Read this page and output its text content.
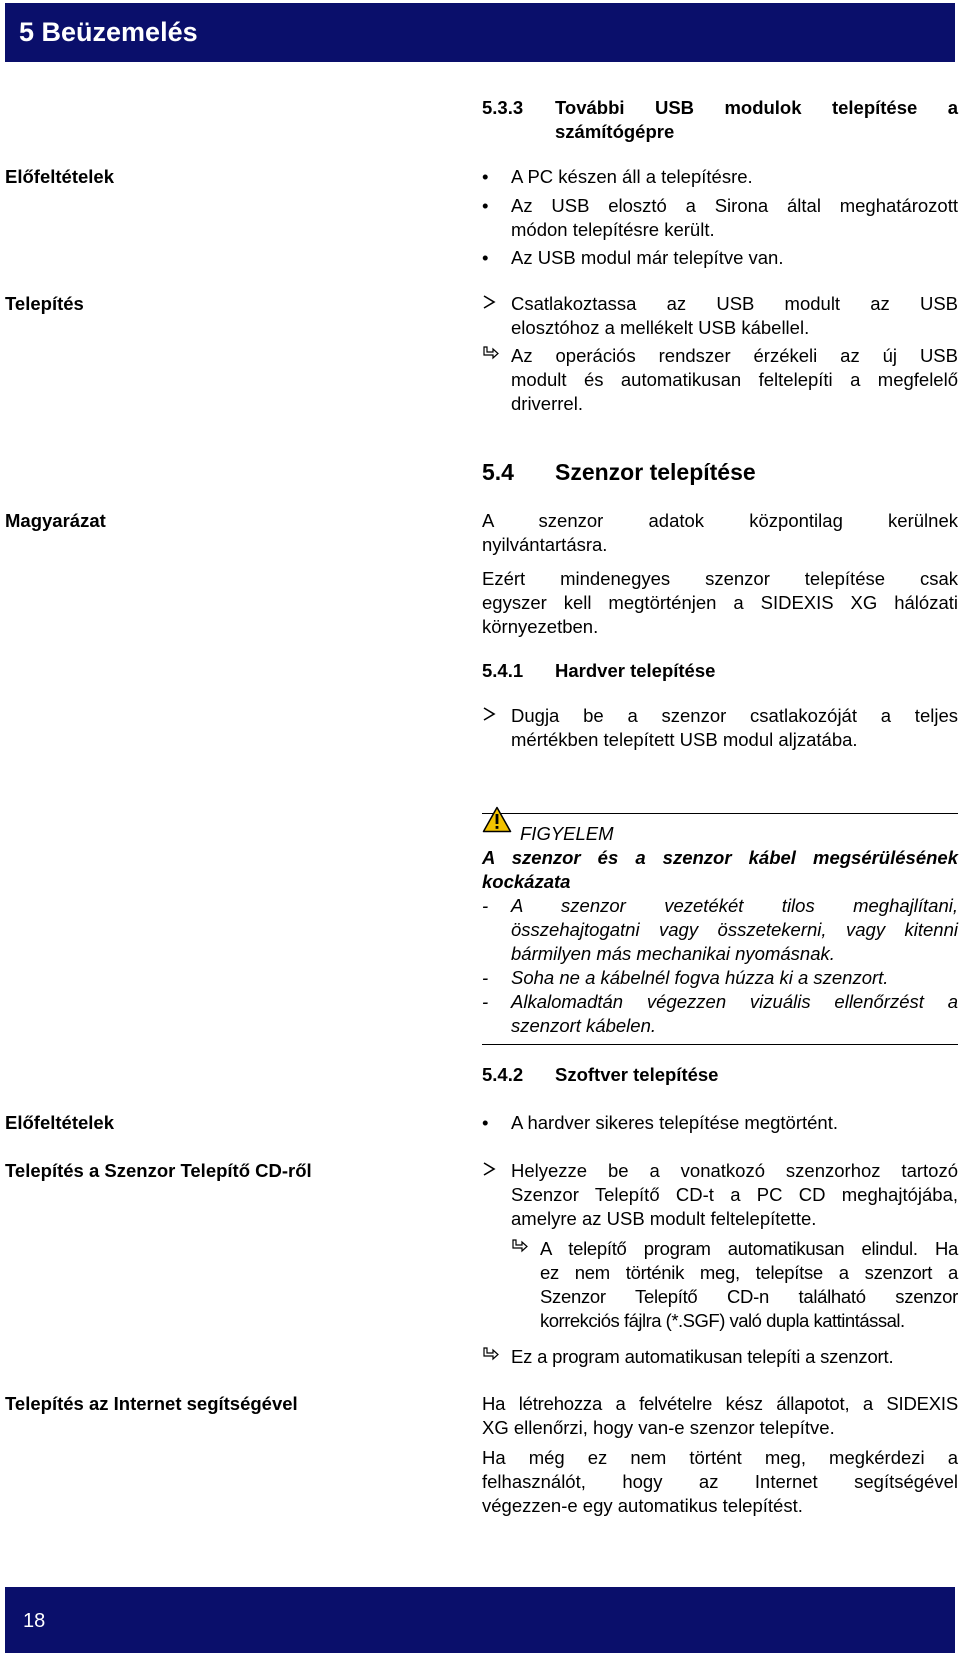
5 Beüzemelés
5.3.3 További USB modulok telepítése a
számítógépre
Előfeltételek	•	A PC készen áll a telepítésre.
•	Az USB elosztó a Sirona által meghatározott
módon telepítésre került.
•	Az USB modul már telepítve van.
Telepítés	Csatlakoztassa az USB modult az USB
elosztóhoz a mellékelt USB kábellel.
Az operációs rendszer érzékeli az új USB
modult és automatikusan feltelepíti a megfelelő
driverrel.
5.4 Szenzor telepítése
Magyarázat	A szenzor adatok központilag kerülnek
nyilvántartásra.
Ezért mindenegyes szenzor telepítése csak
egyszer kell megtörténjen a SIDEXIS XG hálózati
környezetben.
5.4.1 Hardver telepítése
Dugja be a szenzor csatlakozóját a teljes
mértékben telepített USB modul aljzatába.
FIGYELEM
A szenzor és a szenzor kábel megsérülésének
kockázata
-	A szenzor vezetékét tilos meghajlítani,
összehajtogatni vagy összetekerni, vagy kitenni
bármilyen más mechanikai nyomásnak.
-	Soha ne a kábelnél fogva húzza ki a szenzort.
-	Alkalomadtán végezzen vizuális ellenőrzést a
szenzort kábelen.
5.4.2 Szoftver telepítése
Előfeltételek	•	A hardver sikeres telepítése megtörtént.
Telepítés a Szenzor Telepítő CD-ről	Helyezze be a vonatkozó szenzorhoz tartozó
Szenzor Telepítő CD-t a PC CD meghajtójába,
amelyre az USB modult feltelepítette.
A telepítő program automatikusan elindul. Ha
ez nem történik meg, telepítse a szenzort a
Szenzor Telepítő CD-n található szenzor
korrekciós fájlra (*.SGF) való dupla kattintással.
Ez a program automatikusan telepíti a szenzort.
Telepítés az Internet segítségével	Ha létrehozza a felvételre kész állapotot, a SIDEXIS
XG ellenőrzi, hogy van-e szenzor telepítve.
Ha még ez nem történt meg, megkérdezi a
felhasználót, hogy az Internet segítségével
végezzen-e egy automatikus telepítést.
18
